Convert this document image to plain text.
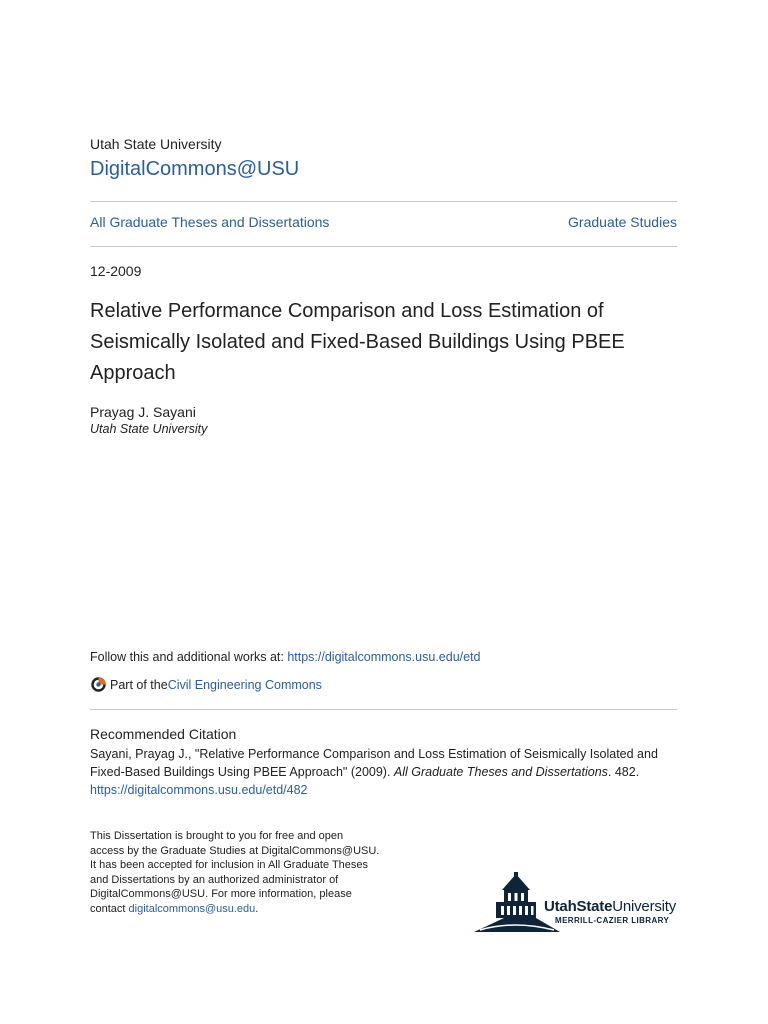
Utah State University
DigitalCommons@USU
All Graduate Theses and Dissertations	Graduate Studies
12-2009
Relative Performance Comparison and Loss Estimation of Seismically Isolated and Fixed-Based Buildings Using PBEE Approach
Prayag J. Sayani
Utah State University
Follow this and additional works at: https://digitalcommons.usu.edu/etd
Part of the Civil Engineering Commons
Recommended Citation
Sayani, Prayag J., "Relative Performance Comparison and Loss Estimation of Seismically Isolated and Fixed-Based Buildings Using PBEE Approach" (2009). All Graduate Theses and Dissertations. 482.
https://digitalcommons.usu.edu/etd/482
This Dissertation is brought to you for free and open access by the Graduate Studies at DigitalCommons@USU. It has been accepted for inclusion in All Graduate Theses and Dissertations by an authorized administrator of DigitalCommons@USU. For more information, please contact digitalcommons@usu.edu.	UtahStateUniversity
MERRILL-CAZIER LIBRARY
